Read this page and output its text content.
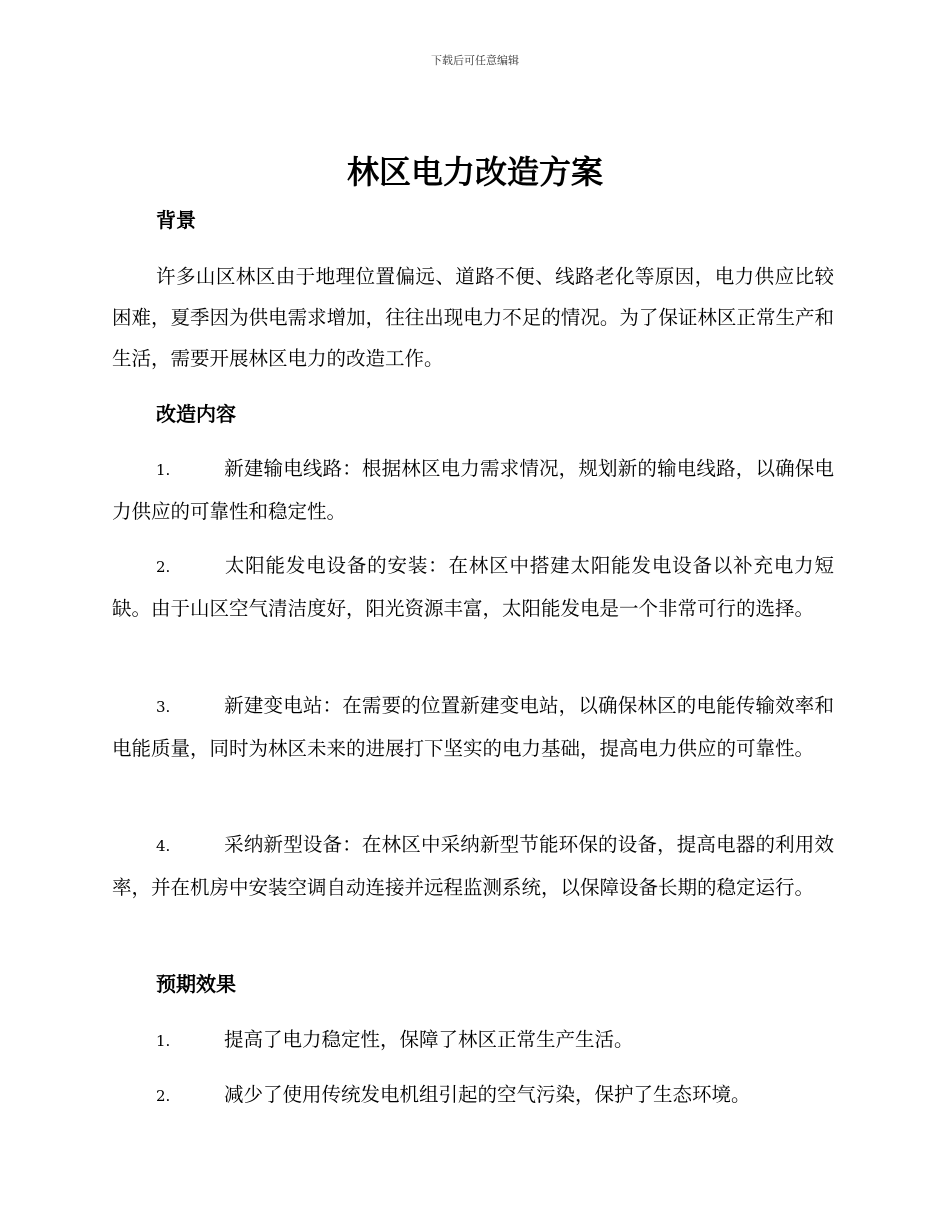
下载后可任意编辑
林区电力改造方案
背景

许多山区林区由于地理位置偏远、道路不便、线路老化等原因，电力供应比较困难，夏季因为供电需求增加，往往出现电力不足的情况。为了保证林区正常生产和生活，需要开展林区电力的改造工作。

改造内容

1.	新建输电线路：根据林区电力需求情况，规划新的输电线路，以确保电力供应的可靠性和稳定性。

2.	太阳能发电设备的安装：在林区中搭建太阳能发电设备以补充电力短缺。由于山区空气清洁度好，阳光资源丰富，太阳能发电是一个非常可行的选择。

3.	新建变电站：在需要的位置新建变电站，以确保林区的电能传输效率和电能质量，同时为林区未来的进展打下坚实的电力基础，提高电力供应的可靠性。

4.	采纳新型设备：在林区中采纳新型节能环保的设备，提高电器的利用效率，并在机房中安装空调自动连接并远程监测系统，以保障设备长期的稳定运行。

预期效果

1.	提高了电力稳定性，保障了林区正常生产生活。

2.	减少了使用传统发电机组引起的空气污染，保护了生态环境。
